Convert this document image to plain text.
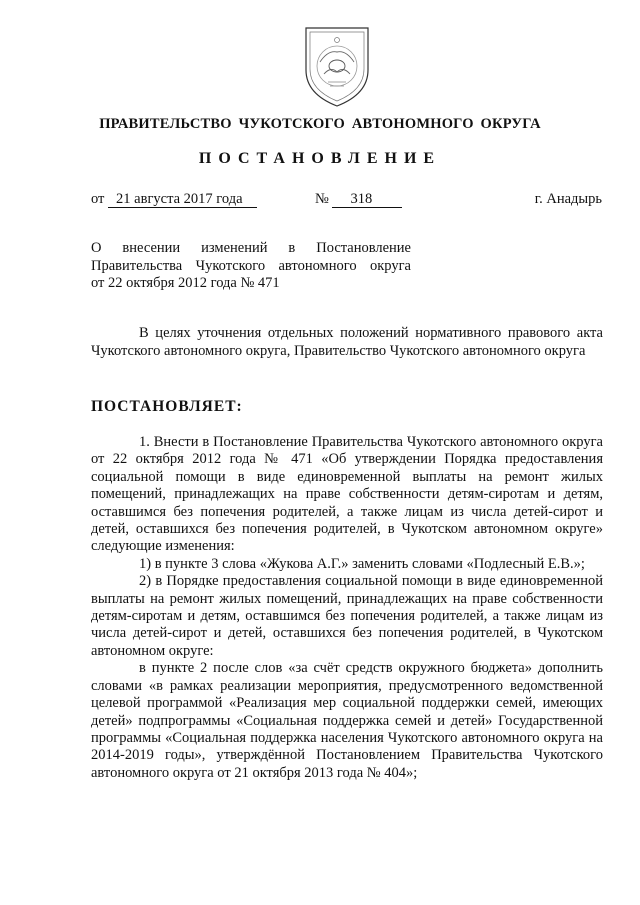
ПРАВИТЕЛЬСТВО ЧУКОТСКОГО АВТОНОМНОГО ОКРУГА
ПОСТАНОВЛЕНИЕ
от 21 августа 2017 года	№ 318	г. Анадырь
О внесении изменений в Постановление
Правительства Чукотского автономного округа
от 22 октября 2012 года № 471
В целях уточнения отдельных положений нормативного правового акта Чукотского автономного округа, Правительство Чукотского автономного округа
ПОСТАНОВЛЯЕТ:

1. Внести в Постановление Правительства Чукотского автономного округа от 22 октября 2012 года № 471 «Об утверждении Порядка предоставления социальной помощи в виде единовременной выплаты на ремонт жилых помещений, принадлежащих на праве собственности детям-сиротам и детям, оставшимся без попечения родителей, а также лицам из числа детей-сирот и детей, оставшихся без попечения родителей, в Чукотском автономном округе» следующие изменения:

1) в пункте 3 слова «Жукова А.Г.» заменить словами «Подлесный Е.В.»;

2) в Порядке предоставления социальной помощи в виде единовременной выплаты на ремонт жилых помещений, принадлежащих на праве собственности детям-сиротам и детям, оставшимся без попечения родителей, а также лицам из числа детей-сирот и детей, оставшихся без попечения родителей, в Чукотском автономном округе:

в пункте 2 после слов «за счёт средств окружного бюджета» дополнить словами «в рамках реализации мероприятия, предусмотренного ведомственной целевой программой «Реализация мер социальной поддержки семей, имеющих детей» подпрограммы «Социальная поддержка семей и детей» Государственной программы «Социальная поддержка населения Чукотского автономного округа на 2014-2019 годы», утверждённой Постановлением Правительства Чукотского автономного округа от 21 октября 2013 года № 404»;
